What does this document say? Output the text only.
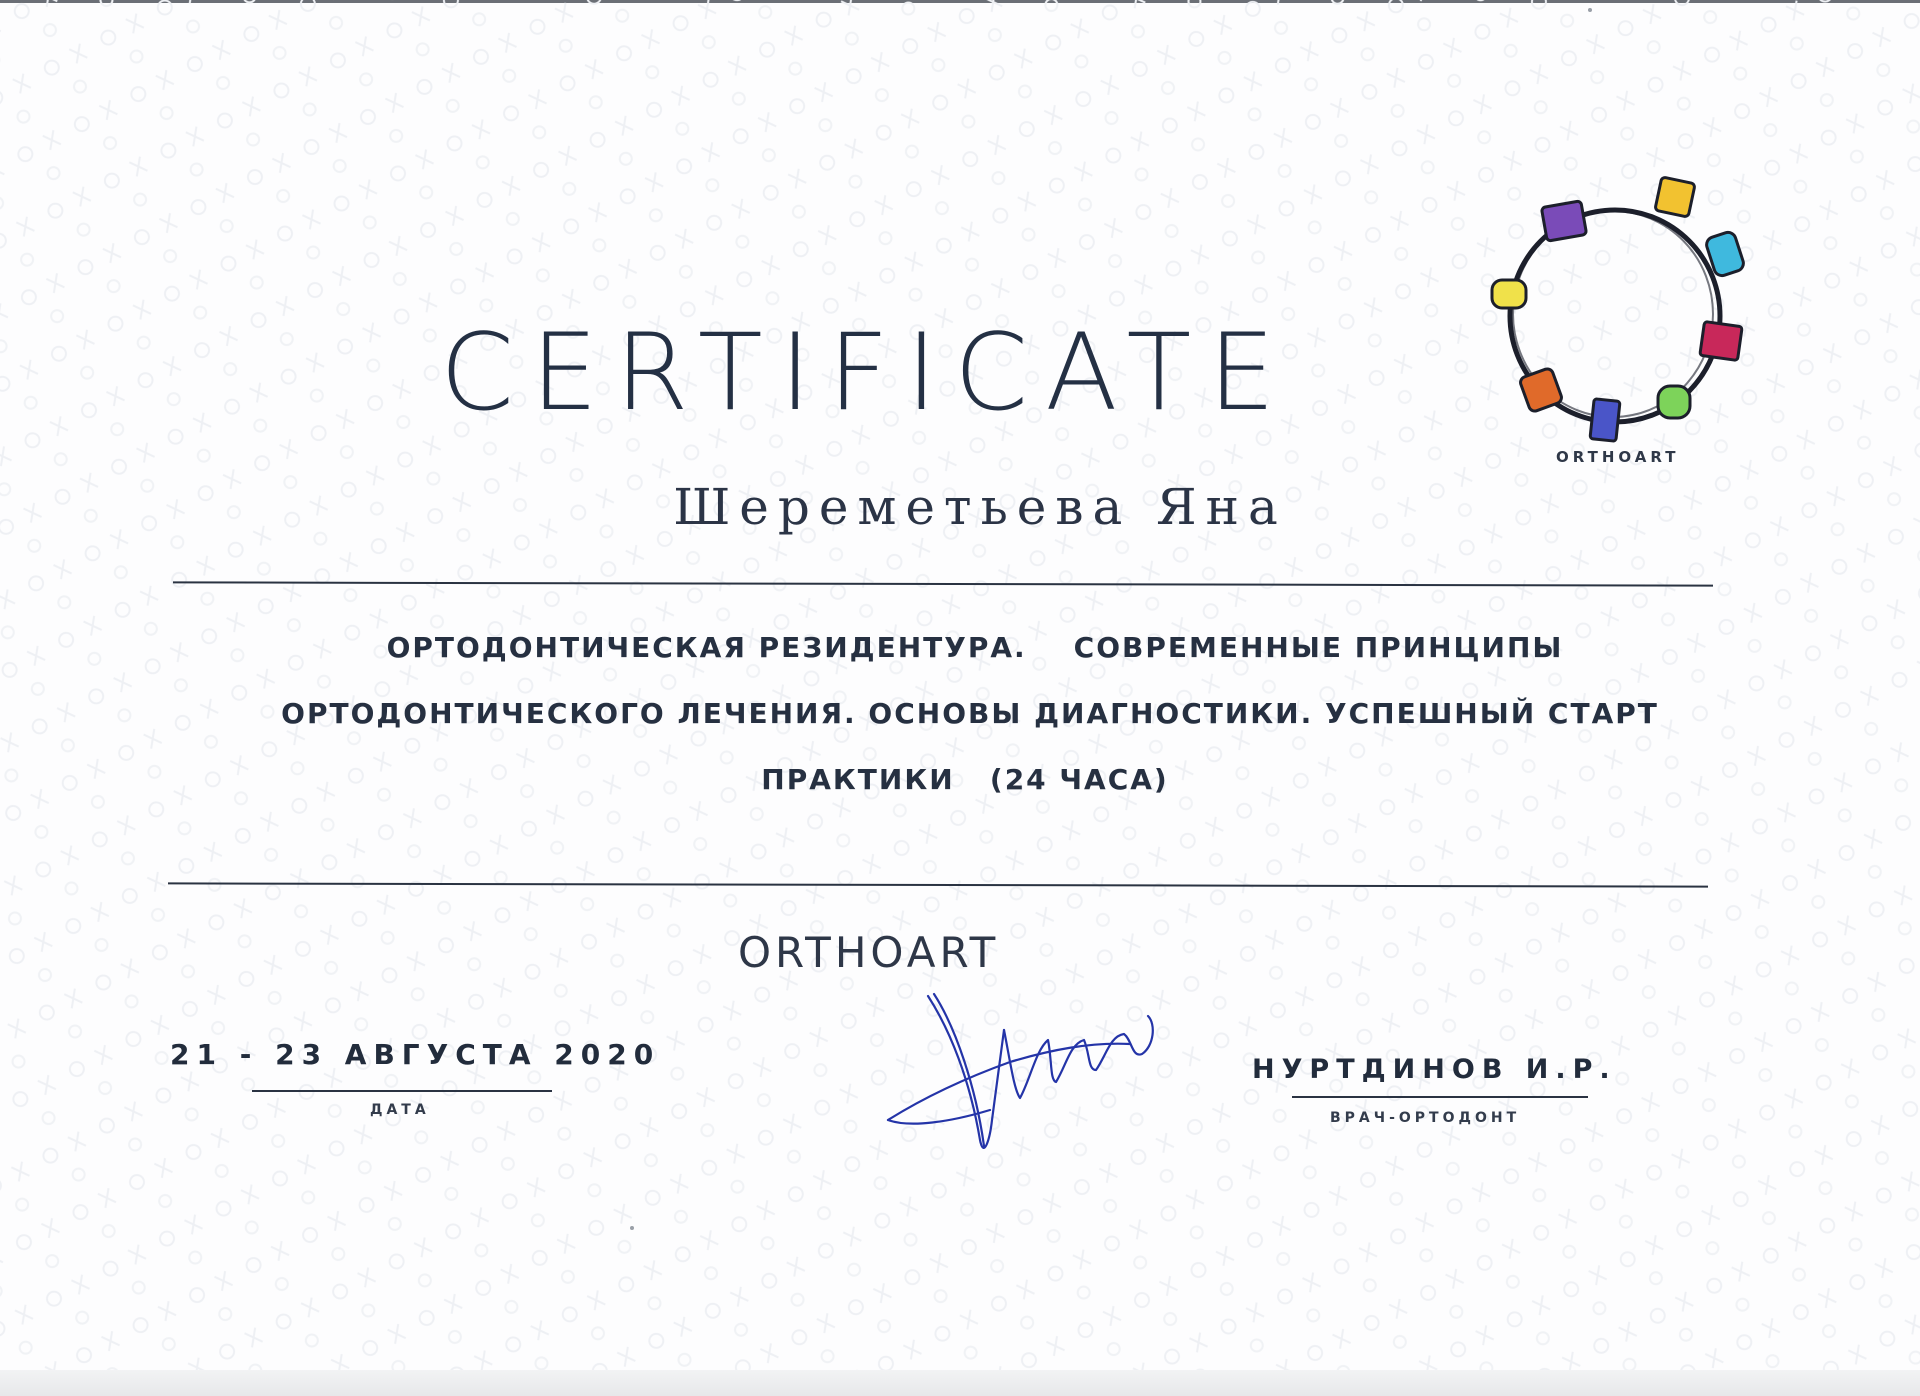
ORTHOART
CERTIFICATE
Шереметьева Яна
ОРТОДОНТИЧЕСКАЯ РЕЗИДЕНТУРА.    СОВРЕМЕННЫЕ ПРИНЦИПЫ
ОРТОДОНТИЧЕСКОГО ЛЕЧЕНИЯ. ОСНОВЫ ДИАГНОСТИКИ. УСПЕШНЫЙ СТАРТ
ПРАКТИКИ   (24 ЧАСА)
ORTHOART
21 - 23 АВГУСТА 2020
ДАТА
НУРТДИНОВ И.Р.
ВРАЧ-ОРТОДОНТ
